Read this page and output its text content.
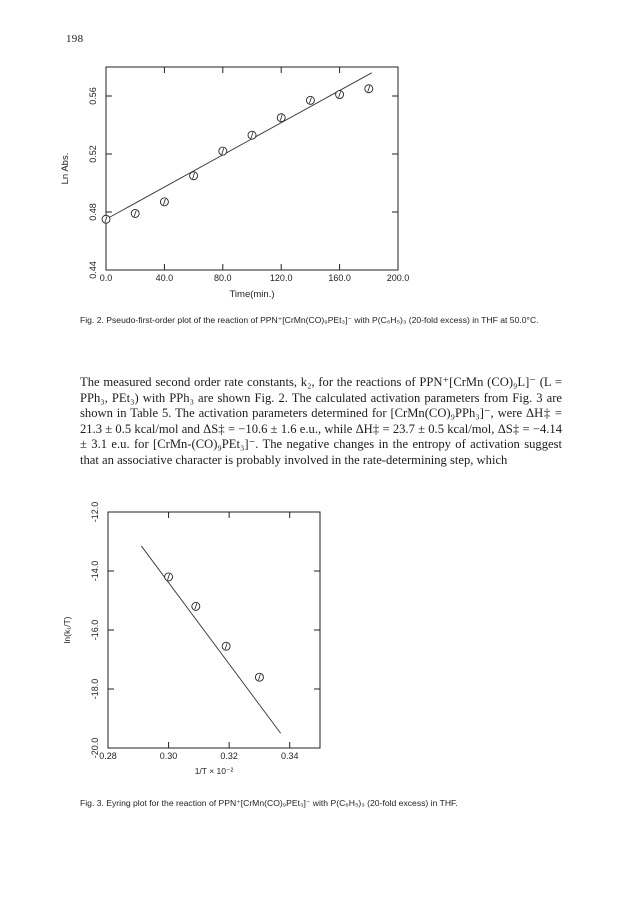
198
0.0	40.0	80.0	120.0	160.0	200.0
0.44
0.48
0.52
0.56
Time(min.)
Ln Abs.
0.28	0.30	0.32	0.34
-12.0
-14.0
-16.0
-18.0
-20.0
1/T × 10⁻²
ln(k₁/T)
Fig. 2. Pseudo-first-order plot of the reaction of PPN⁺[CrMn(CO)₉PEt₃]⁻ with P(C₆H₅)₃ (20-fold excess) in THF at 50.0°C.
The measured second order rate constants, k₂, for the reactions of PPN⁺[CrMn (CO)₉L]⁻ (L = PPh₃, PEt₃) with PPh₃ are shown Fig. 2. The calculated activation parameters from Fig. 3 are shown in Table 5. The activation parameters determined for [CrMn(CO)₉PPh₃]⁻, were ΔH‡ = 21.3 ± 0.5 kcal/mol and ΔS‡ = −10.6 ± 1.6 e.u., while ΔH‡ = 23.7 ± 0.5 kcal/mol, ΔS‡ = −4.14 ± 3.1 e.u. for [CrMn-(CO)₉PEt₃]⁻. The negative changes in the entropy of activation suggest that an associative character is probably involved in the rate-determining step, which
Fig. 3. Eyring plot for the reaction of PPN⁺[CrMn(CO)₉PEt₃]⁻ with P(C₆H₅)₃ (20-fold excess) in THF.
